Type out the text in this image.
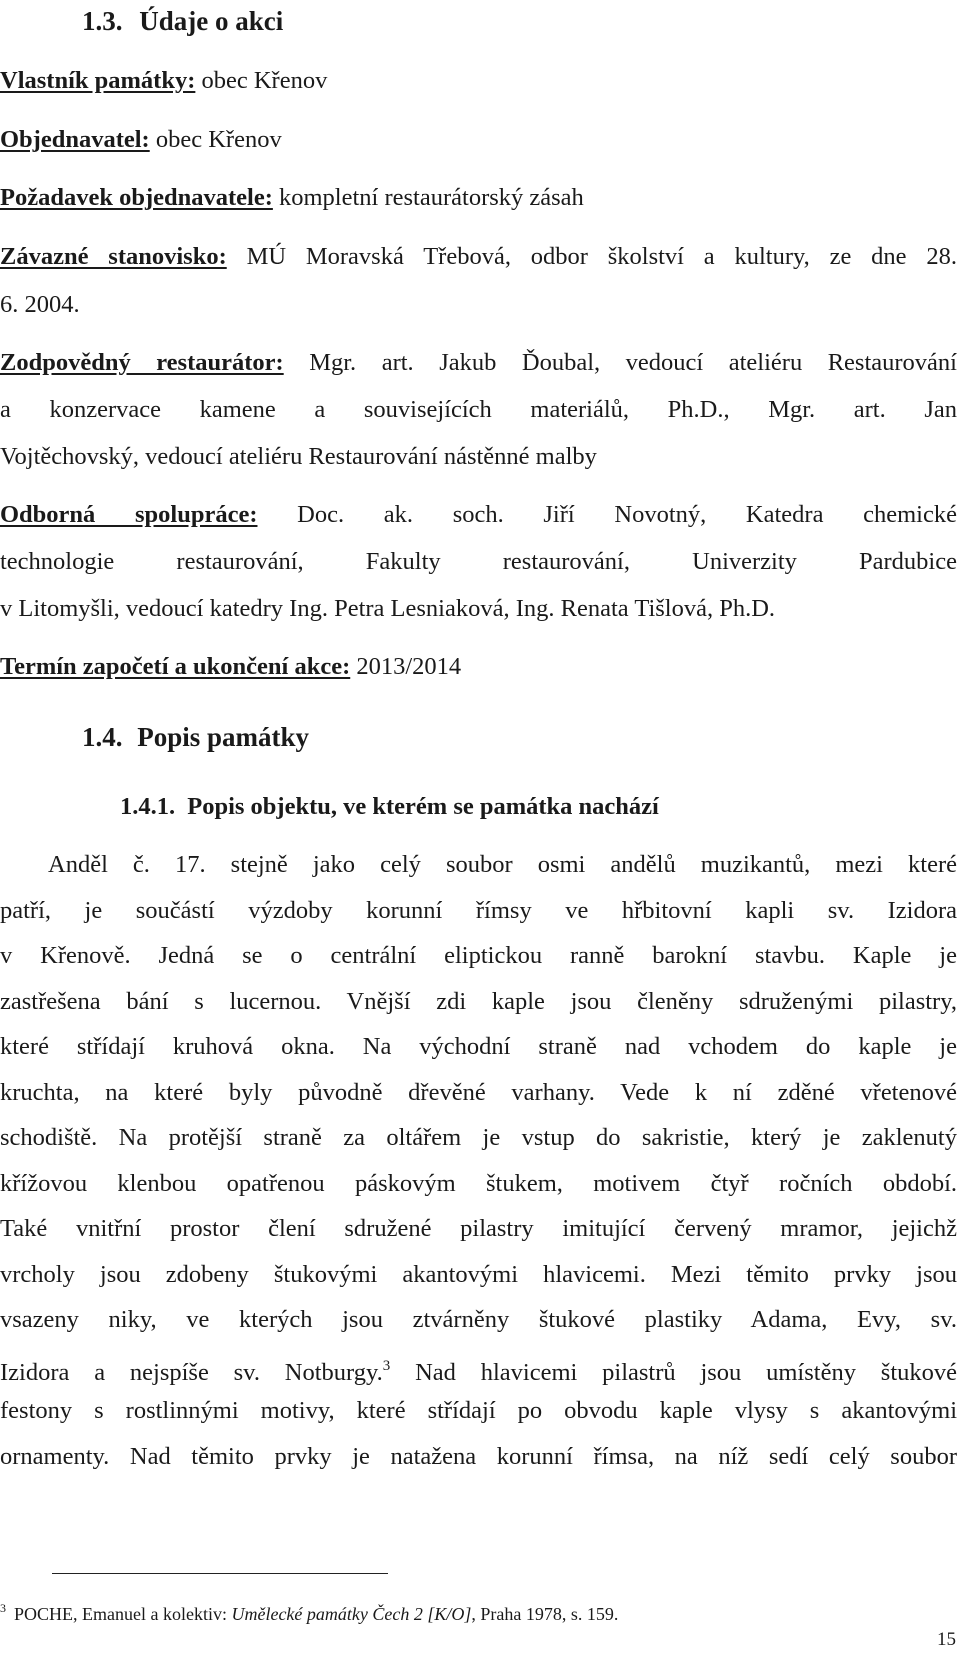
1.3. Údaje o akci
Vlastník památky: obec Křenov
Objednavatel: obec Křenov
Požadavek objednavatele: kompletní restaurátorský zásah
Závazné stanovisko: MÚ Moravská Třebová, odbor školství a kultury, ze dne 28.
6. 2004.
Zodpovědný restaurátor: Mgr. art. Jakub Ďoubal, vedoucí ateliéru Restaurování
a konzervace kamene a souvisejících materiálů, Ph.D., Mgr. art. Jan
Vojtěchovský, vedoucí ateliéru Restaurování nástěnné malby
Odborná spolupráce: Doc. ak. soch. Jiří Novotný, Katedra chemické
technologie restaurování, Fakulty restaurování, Univerzity Pardubice
v Litomyšli, vedoucí katedry Ing. Petra Lesniaková, Ing. Renata Tišlová, Ph.D.
Termín započetí a ukončení akce: 2013/2014
1.4. Popis památky
1.4.1. Popis objektu, ve kterém se památka nachází
Anděl č. 17. stejně jako celý soubor osmi andělů muzikantů, mezi které
patří, je součástí výzdoby korunní římsy ve hřbitovní kapli sv. Izidora
v Křenově. Jedná se o centrální eliptickou ranně barokní stavbu. Kaple je
zastřešena bání s lucernou. Vnější zdi kaple jsou členěny sdruženými pilastry,
které střídají kruhová okna. Na východní straně nad vchodem do kaple je
kruchta, na které byly původně dřevěné varhany. Vede k ní zděné vřetenové
schodiště. Na protější straně za oltářem je vstup do sakristie, který je zaklenutý
křížovou klenbou opatřenou páskovým štukem, motivem čtyř ročních období.
Také vnitřní prostor člení sdružené pilastry imitující červený mramor, jejichž
vrcholy jsou zdobeny štukovými akantovými hlavicemi. Mezi těmito prvky jsou
vsazeny niky, ve kterých jsou ztvárněny štukové plastiky Adama, Evy, sv.
Izidora a nejspíše sv. Notburgy.$^3$ Nad hlavicemi pilastrů jsou umístěny štukové
festony s rostlinnými motivy, které střídají po obvodu kaple vlysy s akantovými
ornamenty. Nad těmito prvky je natažena korunní římsa, na níž sedí celý soubor
$^3$ POCHE, Emanuel a kolektiv: Umělecké památky Čech 2 [K/O], Praha 1978, s. 159.
15
